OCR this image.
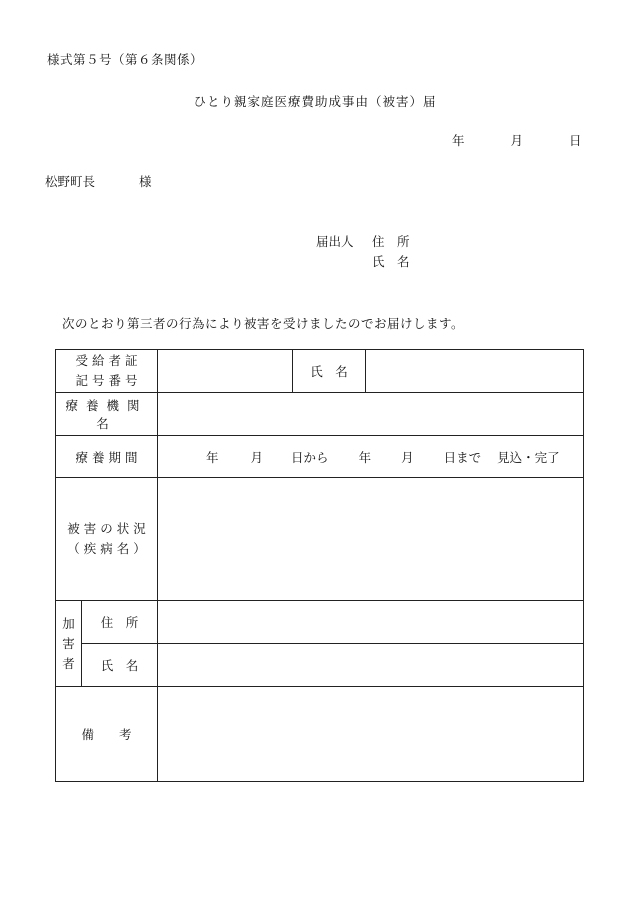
様式第５号（第６条関係）
ひとり親家庭医療費助成事由（被害）届
年	月	日
松野町長	様
届出人 住　所
氏　名
次のとおり第三者の行為により被害を受けましたのでお届けします。
受 給 者 証
記 号 番 号			氏　名	
療養機関名				
療 養 期 間		年 月 日から 年 月 日まで 見込・完了		

被 害 の 状 況
（ 疾 病 名 ）				

加
害
者	住　所			
	氏　名			
備　　考				
